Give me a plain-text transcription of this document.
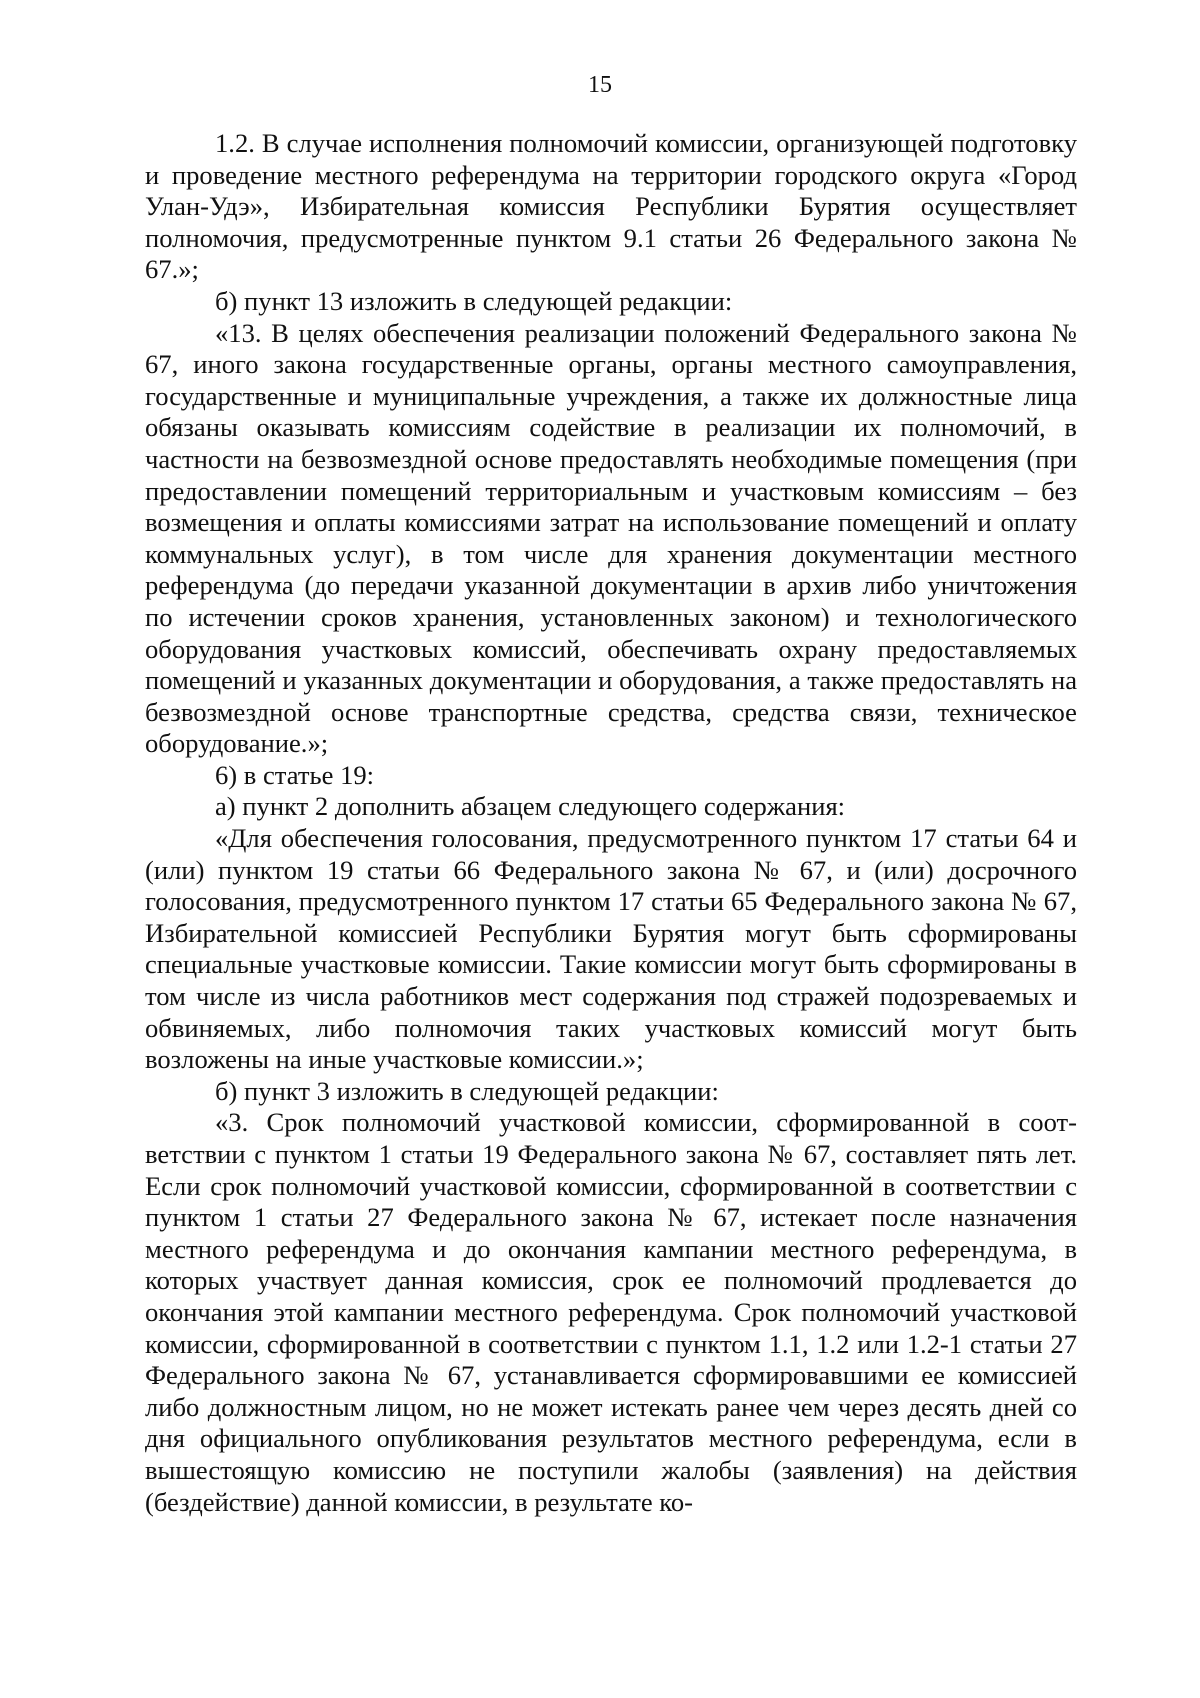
15

1.2. В случае исполнения полномочий комиссии, организующей подготовку и проведение местного референдума на территории городского округа «Город Улан-Удэ», Избирательная комиссия Республики Бурятия осуществляет полномочия, предусмотренные пунктом 9.1 статьи 26 Федерального закона № 67.»;

б) пункт 13 изложить в следующей редакции:

«13. В целях обеспечения реализации положений Федерального закона № 67, иного закона государственные органы, органы местного самоуправления, государственные и муниципальные учреждения, а также их должностные лица обязаны оказывать комиссиям содействие в реализации их полномочий, в частности на безвозмездной основе предоставлять необходимые помещения (при предоставлении помещений территориальным и участковым комиссиям – без возмещения и оплаты комиссиями затрат на использование помещений и оплату коммунальных услуг), в том числе для хранения документации местного референдума (до передачи указанной документации в архив либо уничтожения по истечении сроков хранения, установленных законом) и технологического оборудования участковых комиссий, обеспечивать охрану предоставляемых помещений и указанных документации и оборудования, а также предоставлять на безвозмездной основе транспортные средства, средства связи, техническое оборудование.»;

6) в статье 19:

а) пункт 2 дополнить абзацем следующего содержания:

«Для обеспечения голосования, предусмотренного пунктом 17 статьи 64 и (или) пунктом 19 статьи 66 Федерального закона № 67, и (или) досрочного голосования, предусмотренного пунктом 17 статьи 65 Федерального закона № 67, Избирательной комиссией Республики Бурятия могут быть сформированы специальные участковые комиссии. Такие комиссии могут быть сформированы в том числе из числа работников мест содержания под стражей подозреваемых и обвиняемых, либо полномочия таких участковых комиссий могут быть возложены на иные участковые комиссии.»;

б) пункт 3 изложить в следующей редакции:

«3. Срок полномочий участковой комиссии, сформированной в соответствии с пунктом 1 статьи 19 Федерального закона № 67, составляет пять лет. Если срок полномочий участковой комиссии, сформированной в соответствии с пунктом 1 статьи 27 Федерального закона № 67, истекает после назначения местного референдума и до окончания кампании местного референдума, в которых участвует данная комиссия, срок ее полномочий продлевается до окончания этой кампании местного референдума. Срок полномочий участковой комиссии, сформированной в соответствии с пунктом 1.1, 1.2 или 1.2-1 статьи 27 Федерального закона № 67, устанавливается сформировавшими ее комиссией либо должностным лицом, но не может истекать ранее чем через десять дней со дня официального опубликования результатов местного референдума, если в вышестоящую комиссию не поступили жалобы (заявления) на действия (бездействие) данной комиссии, в результате ко-
